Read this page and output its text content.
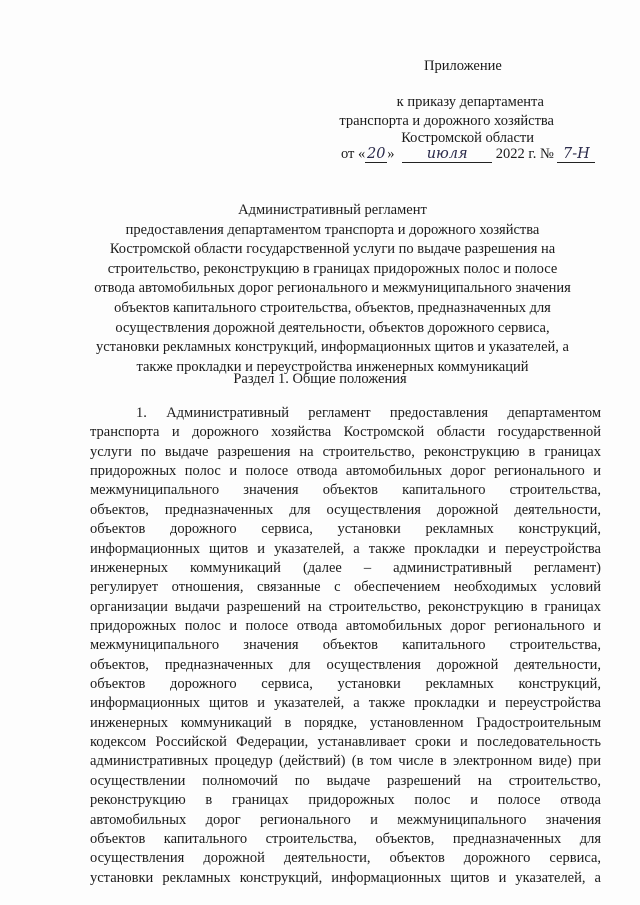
Приложение
к приказу департамента
транспорта и дорожного хозяйства
Костромской области
от « 20 » июля 2022 г. № 7-Н
Административный регламент
предоставления департаментом транспорта и дорожного хозяйства
Костромской области государственной услуги по выдаче разрешения на
строительство, реконструкцию в границах придорожных полос и полосе
отвода автомобильных дорог регионального и межмуниципального значения
объектов капитального строительства, объектов, предназначенных для
осуществления дорожной деятельности, объектов дорожного сервиса,
установки рекламных конструкций, информационных щитов и указателей, а
также прокладки и переустройства инженерных коммуникаций
Раздел 1. Общие положения
1. Административный регламент предоставления департаментом
транспорта и дорожного хозяйства Костромской области государственной
услуги по выдаче разрешения на строительство, реконструкцию в границах
придорожных полос и полосе отвода автомобильных дорог регионального и
межмуниципального значения объектов капитального строительства,
объектов, предназначенных для осуществления дорожной деятельности,
объектов дорожного сервиса, установки рекламных конструкций,
информационных щитов и указателей, а также прокладки и переустройства
инженерных коммуникаций (далее – административный регламент)
регулирует отношения, связанные с обеспечением необходимых условий
организации выдачи разрешений на строительство, реконструкцию в границах
придорожных полос и полосе отвода автомобильных дорог регионального и
межмуниципального значения объектов капитального строительства,
объектов, предназначенных для осуществления дорожной деятельности,
объектов дорожного сервиса, установки рекламных конструкций,
информационных щитов и указателей, а также прокладки и переустройства
инженерных коммуникаций в порядке, установленном Градостроительным
кодексом Российской Федерации, устанавливает сроки и последовательность
административных процедур (действий) (в том числе в электронном виде) при
осуществлении полномочий по выдаче разрешений на строительство,
реконструкцию в границах придорожных полос и полосе отвода
автомобильных дорог регионального и межмуниципального значения
объектов капитального строительства, объектов, предназначенных для
осуществления дорожной деятельности, объектов дорожного сервиса,
установки рекламных конструкций, информационных щитов и указателей, а
